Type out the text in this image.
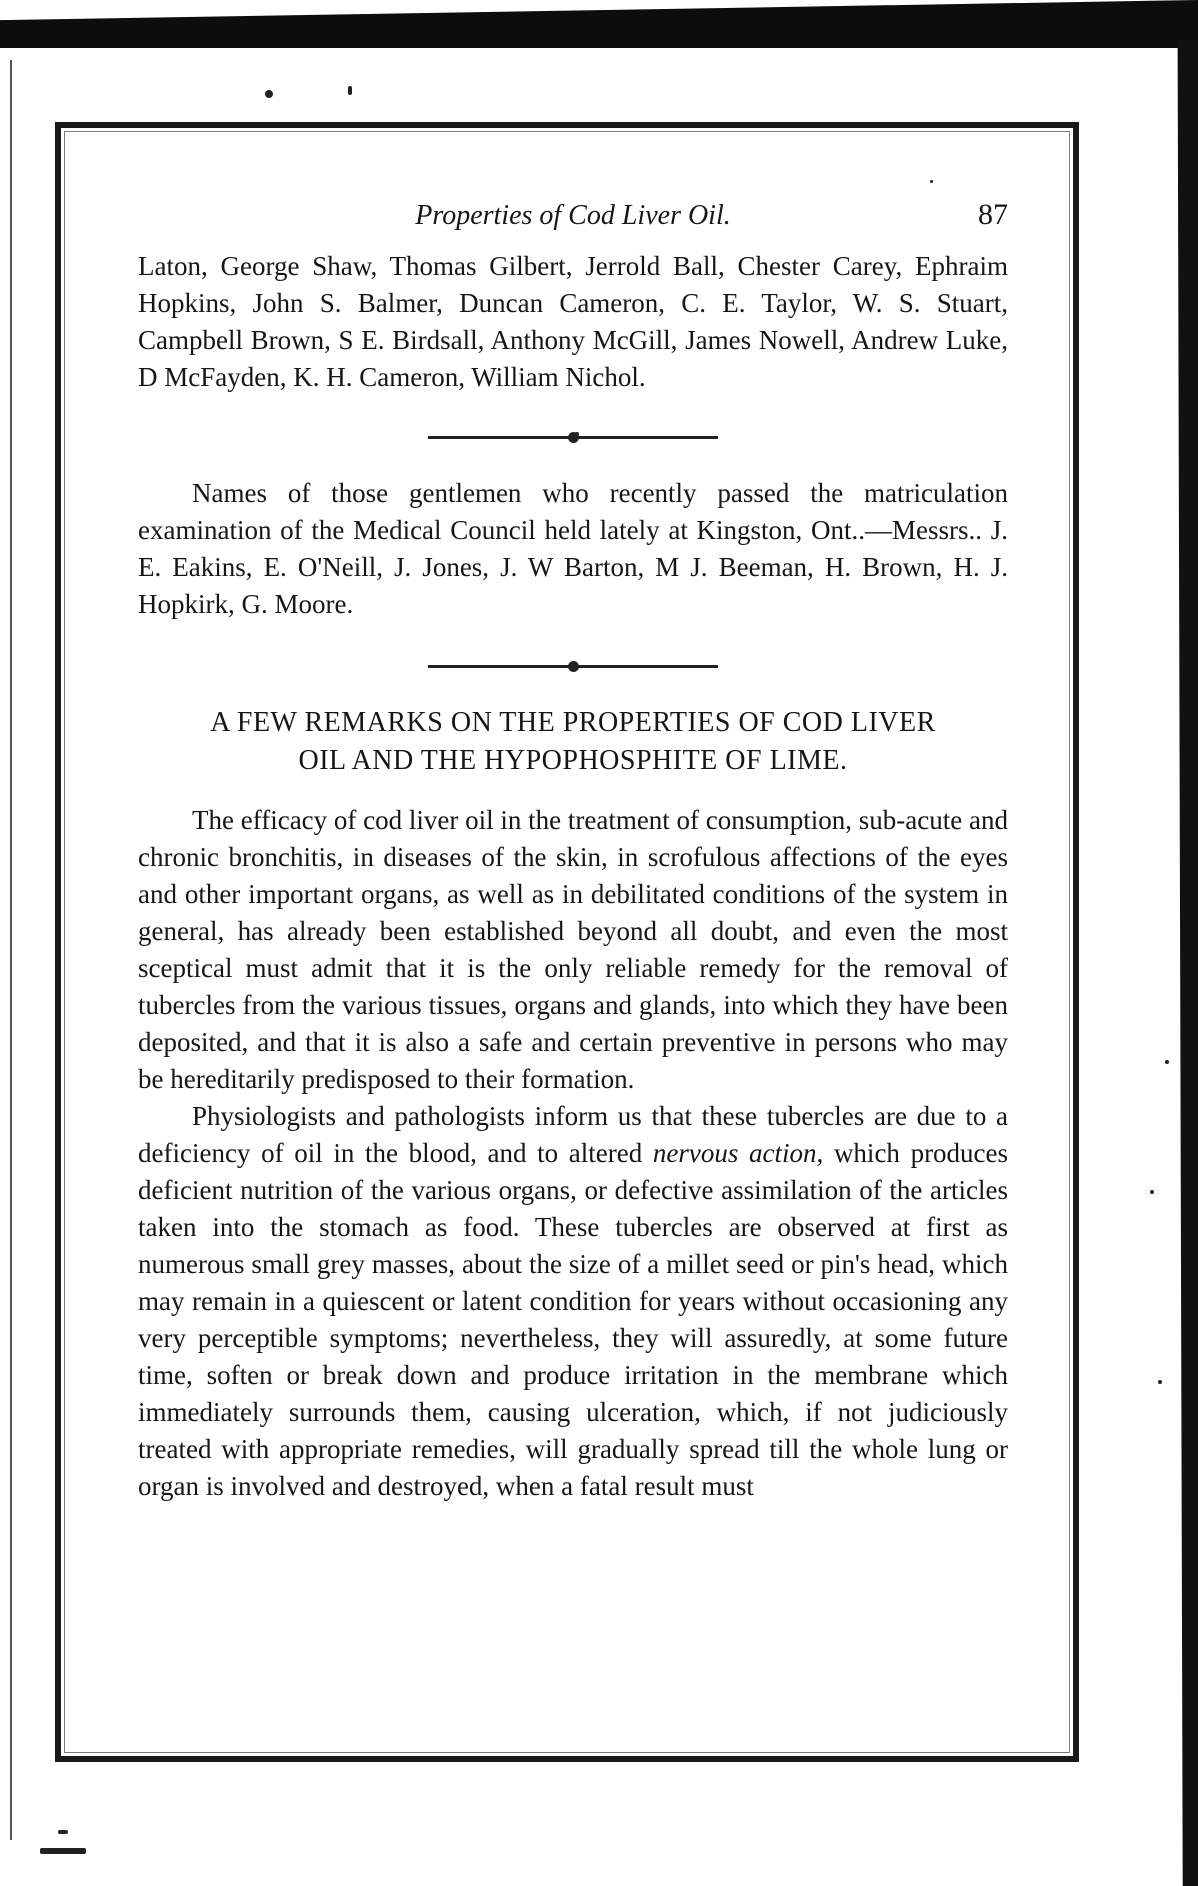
Properties of Cod Liver Oil.	87

Laton, George Shaw, Thomas Gilbert, Jerrold Ball, Chester Carey, Ephraim Hopkins, John S. Balmer, Duncan Cameron, C. E. Taylor, W. S. Stuart, Campbell Brown, S E. Birdsall, Anthony McGill, James Nowell, Andrew Luke, D McFayden, K. H. Cameron, William Nichol.

Names of those gentlemen who recently passed the matriculation examination of the Medical Council held lately at Kingston, Ont..—Messrs.. J. E. Eakins, E. O'Neill, J. Jones, J. W Barton, M J. Beeman, H. Brown, H. J. Hopkirk, G. Moore.

A FEW REMARKS ON THE PROPERTIES OF COD LIVER

OIL AND THE HYPOPHOSPHITE OF LIME.

The efficacy of cod liver oil in the treatment of consumption, sub-acute and chronic bronchitis, in diseases of the skin, in scrofulous affections of the eyes and other important organs, as well as in debilitated conditions of the system in general, has already been established beyond all doubt, and even the most sceptical must admit that it is the only reliable remedy for the removal of tubercles from the various tissues, organs and glands, into which they have been deposited, and that it is also a safe and certain preventive in persons who may be hereditarily predisposed to their formation.

Physiologists and pathologists inform us that these tubercles are due to a deficiency of oil in the blood, and to altered nervous action, which produces deficient nutrition of the various organs, or defective assimilation of the articles taken into the stomach as food. These tubercles are observed at first as numerous small grey masses, about the size of a millet seed or pin's head, which may remain in a quiescent or latent condition for years without occasioning any very perceptible symptoms; nevertheless, they will assuredly, at some future time, soften or break down and produce irritation in the membrane which immediately surrounds them, causing ulceration, which, if not judiciously treated with appropriate remedies, will gradually spread till the whole lung or organ is involved and destroyed, when a fatal result must
